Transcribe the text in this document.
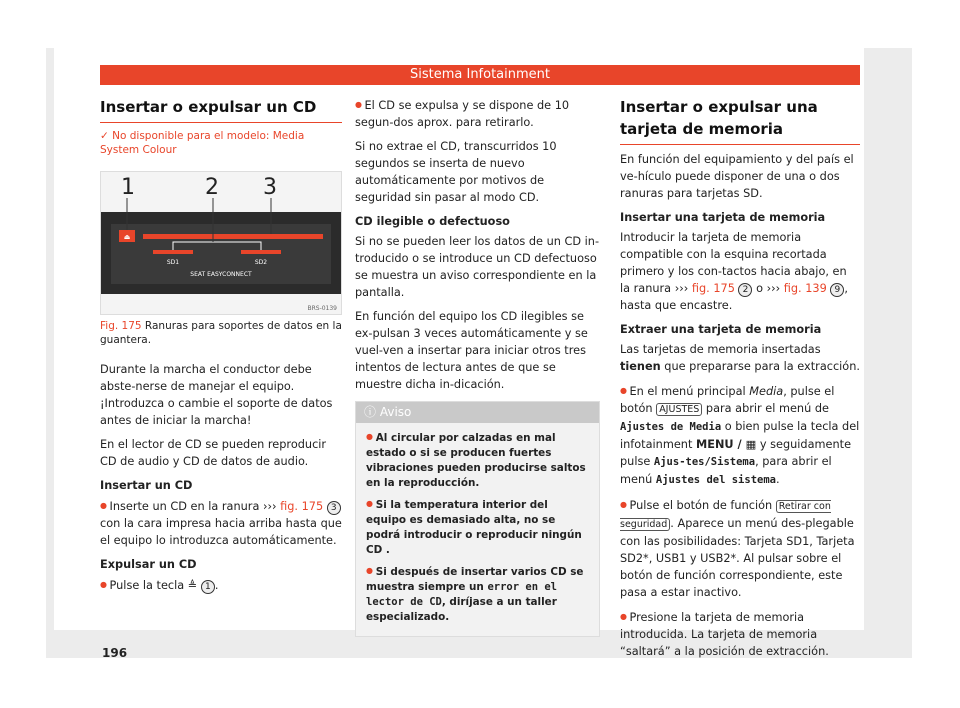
Sistema Infotainment
Insertar o expulsar un CD
✓ No disponible para el modelo: Media System Colour
⏏
SD1	SD2
SEAT EASYCONNECT
1	2 3
BRS-0139
Fig. 175 Ranuras para soportes de datos en la guantera.

Durante la marcha el conductor debe abste-nerse de manejar el equipo. ¡Introduzca o cambie el soporte de datos antes de iniciar la marcha!

En el lector de CD se pueden reproducir CD de audio y CD de datos de audio.

Insertar un CD

● Inserte un CD en la ranura ››› fig. 175 3 con la cara impresa hacia arriba hasta que el equipo lo introduzca automáticamente.

Expulsar un CD

● Pulse la tecla ≜ 1 .

● El CD se expulsa y se dispone de 10 segun-dos aprox. para retirarlo.

Si no extrae el CD, transcurridos 10 segundos se inserta de nuevo automáticamente por motivos de seguridad sin pasar al modo CD.

CD ilegible o defectuoso

Si no se pueden leer los datos de un CD in-troducido o se introduce un CD defectuoso se muestra un aviso correspondiente en la pantalla.

En función del equipo los CD ilegibles se ex-pulsan 3 veces automáticamente y se vuel-ven a insertar para iniciar otros tres intentos de lectura antes de que se muestre dicha in-dicación.

ⓘ Aviso

● Al circular por calzadas en mal estado o si se producen fuertes vibraciones pueden producirse saltos en la reproducción.

● Si la temperatura interior del equipo es demasiado alta, no se podrá introducir o reproducir ningún CD .

● Si después de insertar varios CD se muestra siempre un error en el lector de CD, diríjase a un taller especializado.

Insertar o expulsar una tarjeta de memoria

En función del equipamiento y del país el ve-hículo puede disponer de una o dos ranuras para tarjetas SD.

Insertar una tarjeta de memoria

Introducir la tarjeta de memoria compatible con la esquina recortada primero y los con-tactos hacia abajo, en la ranura ››› fig. 175 2 o ››› fig. 139 9 , hasta que encastre.

Extraer una tarjeta de memoria

Las tarjetas de memoria insertadas tienen que prepararse para la extracción.

● En el menú principal Media, pulse el botón AJUSTES para abrir el menú de Ajustes de Media o bien pulse la tecla del infotainment MENU / ▦ y seguidamente pulse Ajus-tes/Sistema, para abrir el menú Ajustes del sistema.

● Pulse el botón de función Retirar con seguridad . Aparece un menú des-plegable con las posibilidades: Tarjeta SD1, Tarjeta SD2*, USB1 y USB2*. Al pulsar sobre el botón de función correspondiente, este pasa a estar inactivo.

● Presione la tarjeta de memoria introducida. La tarjeta de memoria “saltará” a la posición de extracción.

196
